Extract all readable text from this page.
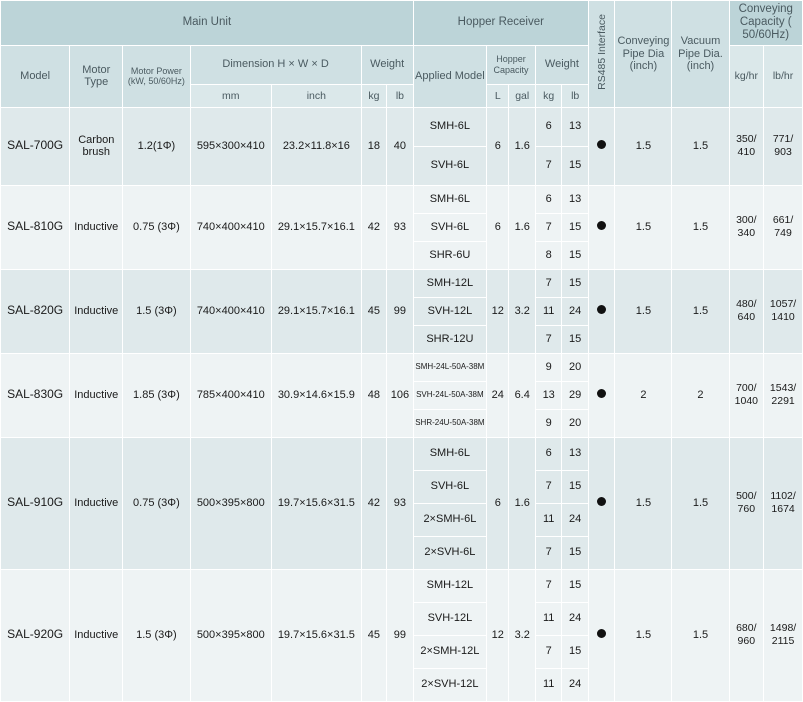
Main Unit							Hopper Receiver					RS485 Interface	Conveying Pipe Dia (inch)	Vacuum Pipe Dia. (inch)	Conveying Capacity ( 50/60Hz)	
Model	Motor Type	Motor Power (kW, 50/60Hz)	Dimension H × W × D		Weight		Applied Model	Hopper Capacity		Weight					kg/hr	lb/hr
			mm	inch	kg	lb		L	gal	kg	lb					
SAL-700G	Carbon brush	1.2(1Φ)	595×300×410	23.2×11.8×16	18	40	SMH-6L	6	1.6	6	13		1.5	1.5	350/ 410	771/ 903
							SVH-6L			7	15					
SAL-810G	Inductive	0.75 (3Φ)	740×400×410	29.1×15.7×16.1	42	93	SMH-6L	6	1.6	6	13		1.5	1.5	300/ 340	661/ 749
							SVH-6L			7	15					
							SHR-6U			8	15					
SAL-820G	Inductive	1.5 (3Φ)	740×400×410	29.1×15.7×16.1	45	99	SMH-12L	12	3.2	7	15		1.5	1.5	480/ 640	1057/ 1410
							SVH-12L			11	24					
							SHR-12U			7	15					
SAL-830G	Inductive	1.85 (3Φ)	785×400×410	30.9×14.6×15.9	48	106	SMH-24L-50A-38M	24	6.4	9	20		2	2	700/ 1040	1543/ 2291
							SVH-24L-50A-38M			13	29					
							SHR-24U-50A-38M			9	20					
SAL-910G	Inductive	0.75 (3Φ)	500×395×800	19.7×15.6×31.5	42	93	SMH-6L	6	1.6	6	13		1.5	1.5	500/ 760	1102/ 1674
							SVH-6L			7	15					
							2×SMH-6L			11	24					
							2×SVH-6L			7	15					
SAL-920G	Inductive	1.5 (3Φ)	500×395×800	19.7×15.6×31.5	45	99	SMH-12L	12	3.2	7	15		1.5	1.5	680/ 960	1498/ 2115
							SVH-12L			11	24					
							2×SMH-12L			7	15					
							2×SVH-12L			11	24					
